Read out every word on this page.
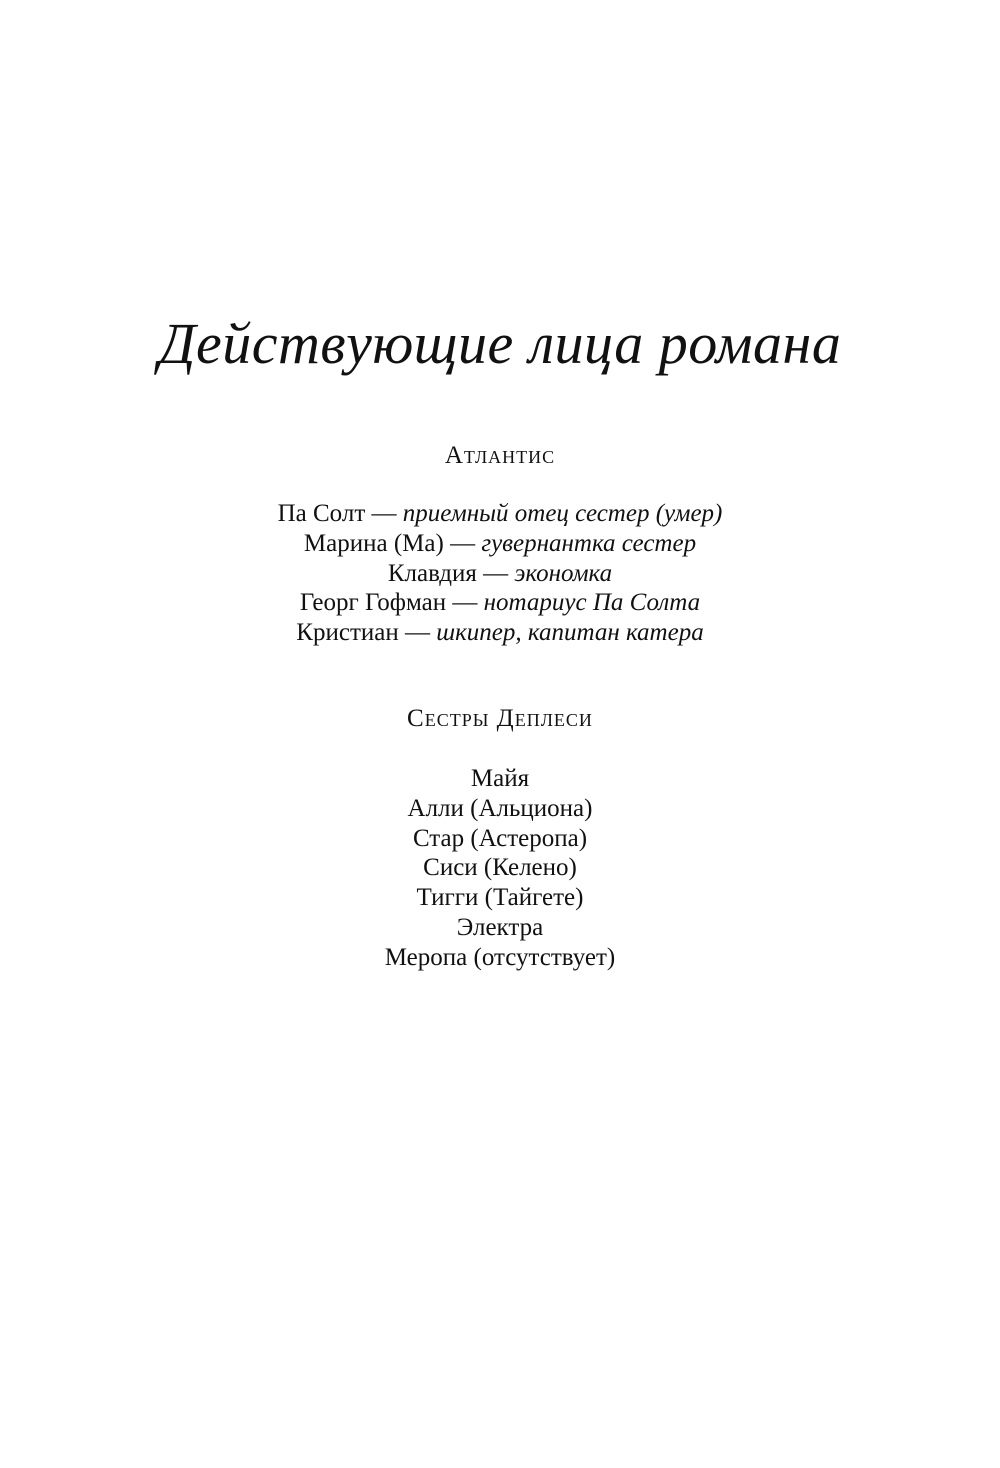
Действующие лица романа
Атлантис
Па Солт — приемный отец сестер (умер)
Марина (Ма) — гувернантка сестер
Клавдия — экономка
Георг Гофман — нотариус Па Солта
Кристиан — шкипер, капитан катера
Сестры Деплеси
Майя
Алли (Альциона)
Стар (Астеропа)
Сиси (Келено)
Тигги (Тайгете)
Электра
Меропа (отсутствует)
